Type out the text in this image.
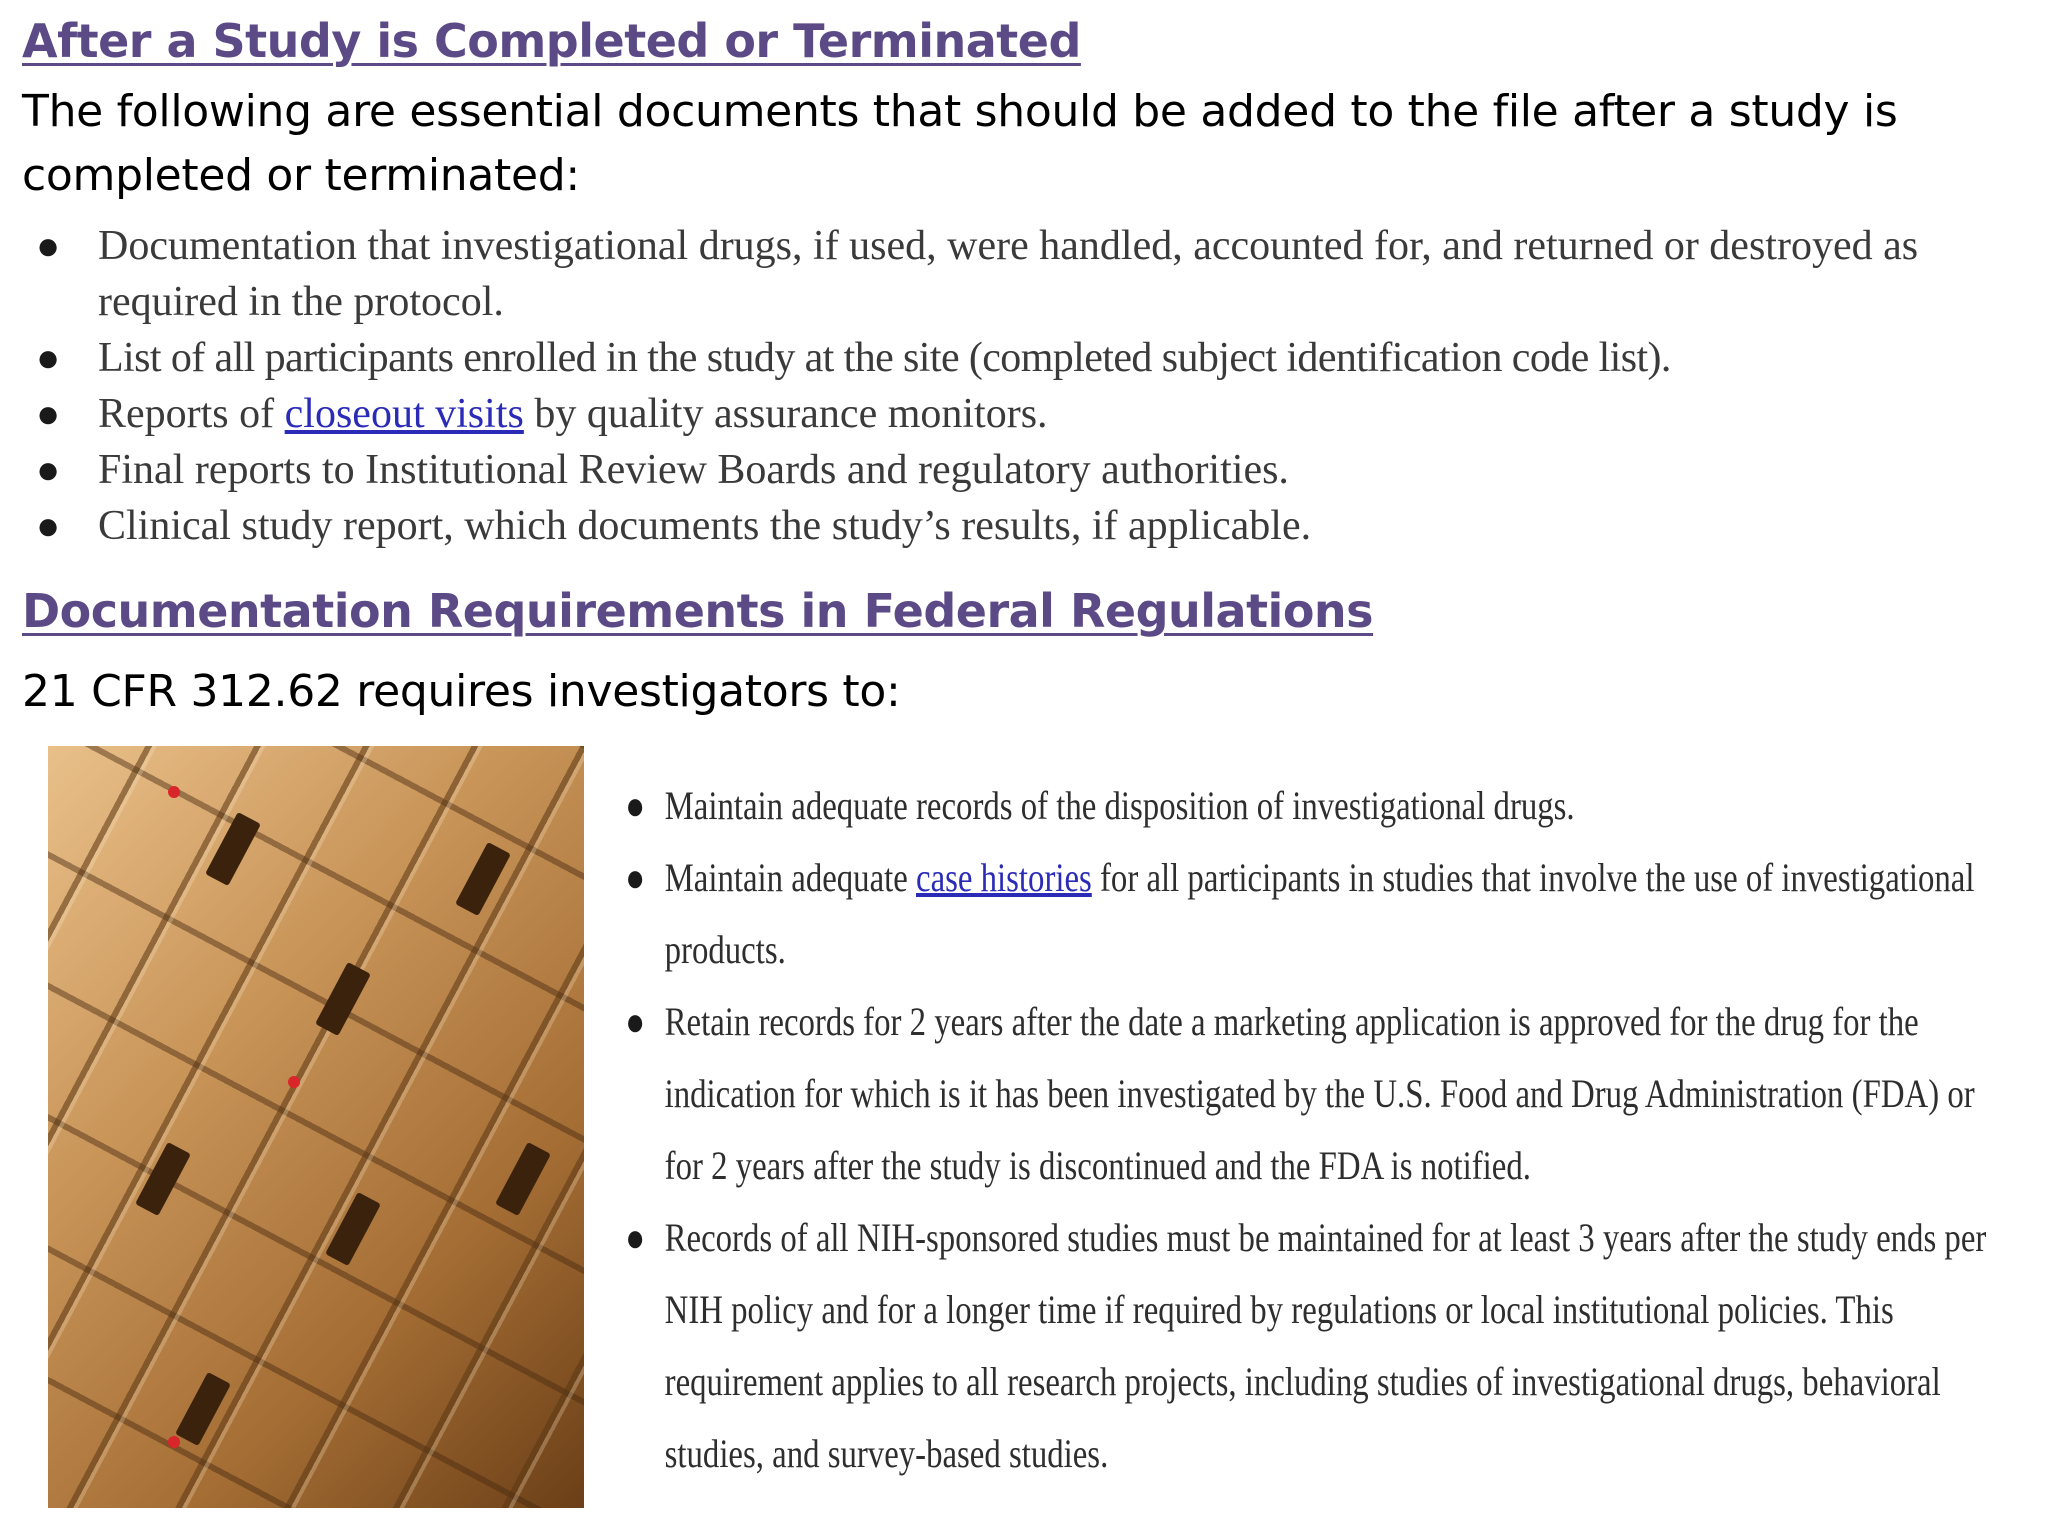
After a Study is Completed or Terminated

The following are essential documents that should be added to the file after a study is completed or terminated:

● Documentation that investigational drugs, if used, were handled, accounted for, and returned or destroyed as required in the protocol.
● List of all participants enrolled in the study at the site (completed subject identification code list).
● Reports of closeout visits by quality assurance monitors.
● Final reports to Institutional Review Boards and regulatory authorities.
● Clinical study report, which documents the study’s results, if applicable.
Documentation Requirements in Federal Regulations

21 CFR 312.62 requires investigators to:

● Maintain adequate records of the disposition of investigational drugs.
● Maintain adequate case histories for all participants in studies that involve the use of investigational products.
● Retain records for 2 years after the date a marketing application is approved for the drug for the indication for which is it has been investigated by the U.S. Food and Drug Administration (FDA) or for 2 years after the study is discontinued and the FDA is notified.
● Records of all NIH-sponsored studies must be maintained for at least 3 years after the study ends per NIH policy and for a longer time if required by regulations or local institutional policies. This requirement applies to all research projects, including studies of investigational drugs, behavioral studies, and survey-based studies.
